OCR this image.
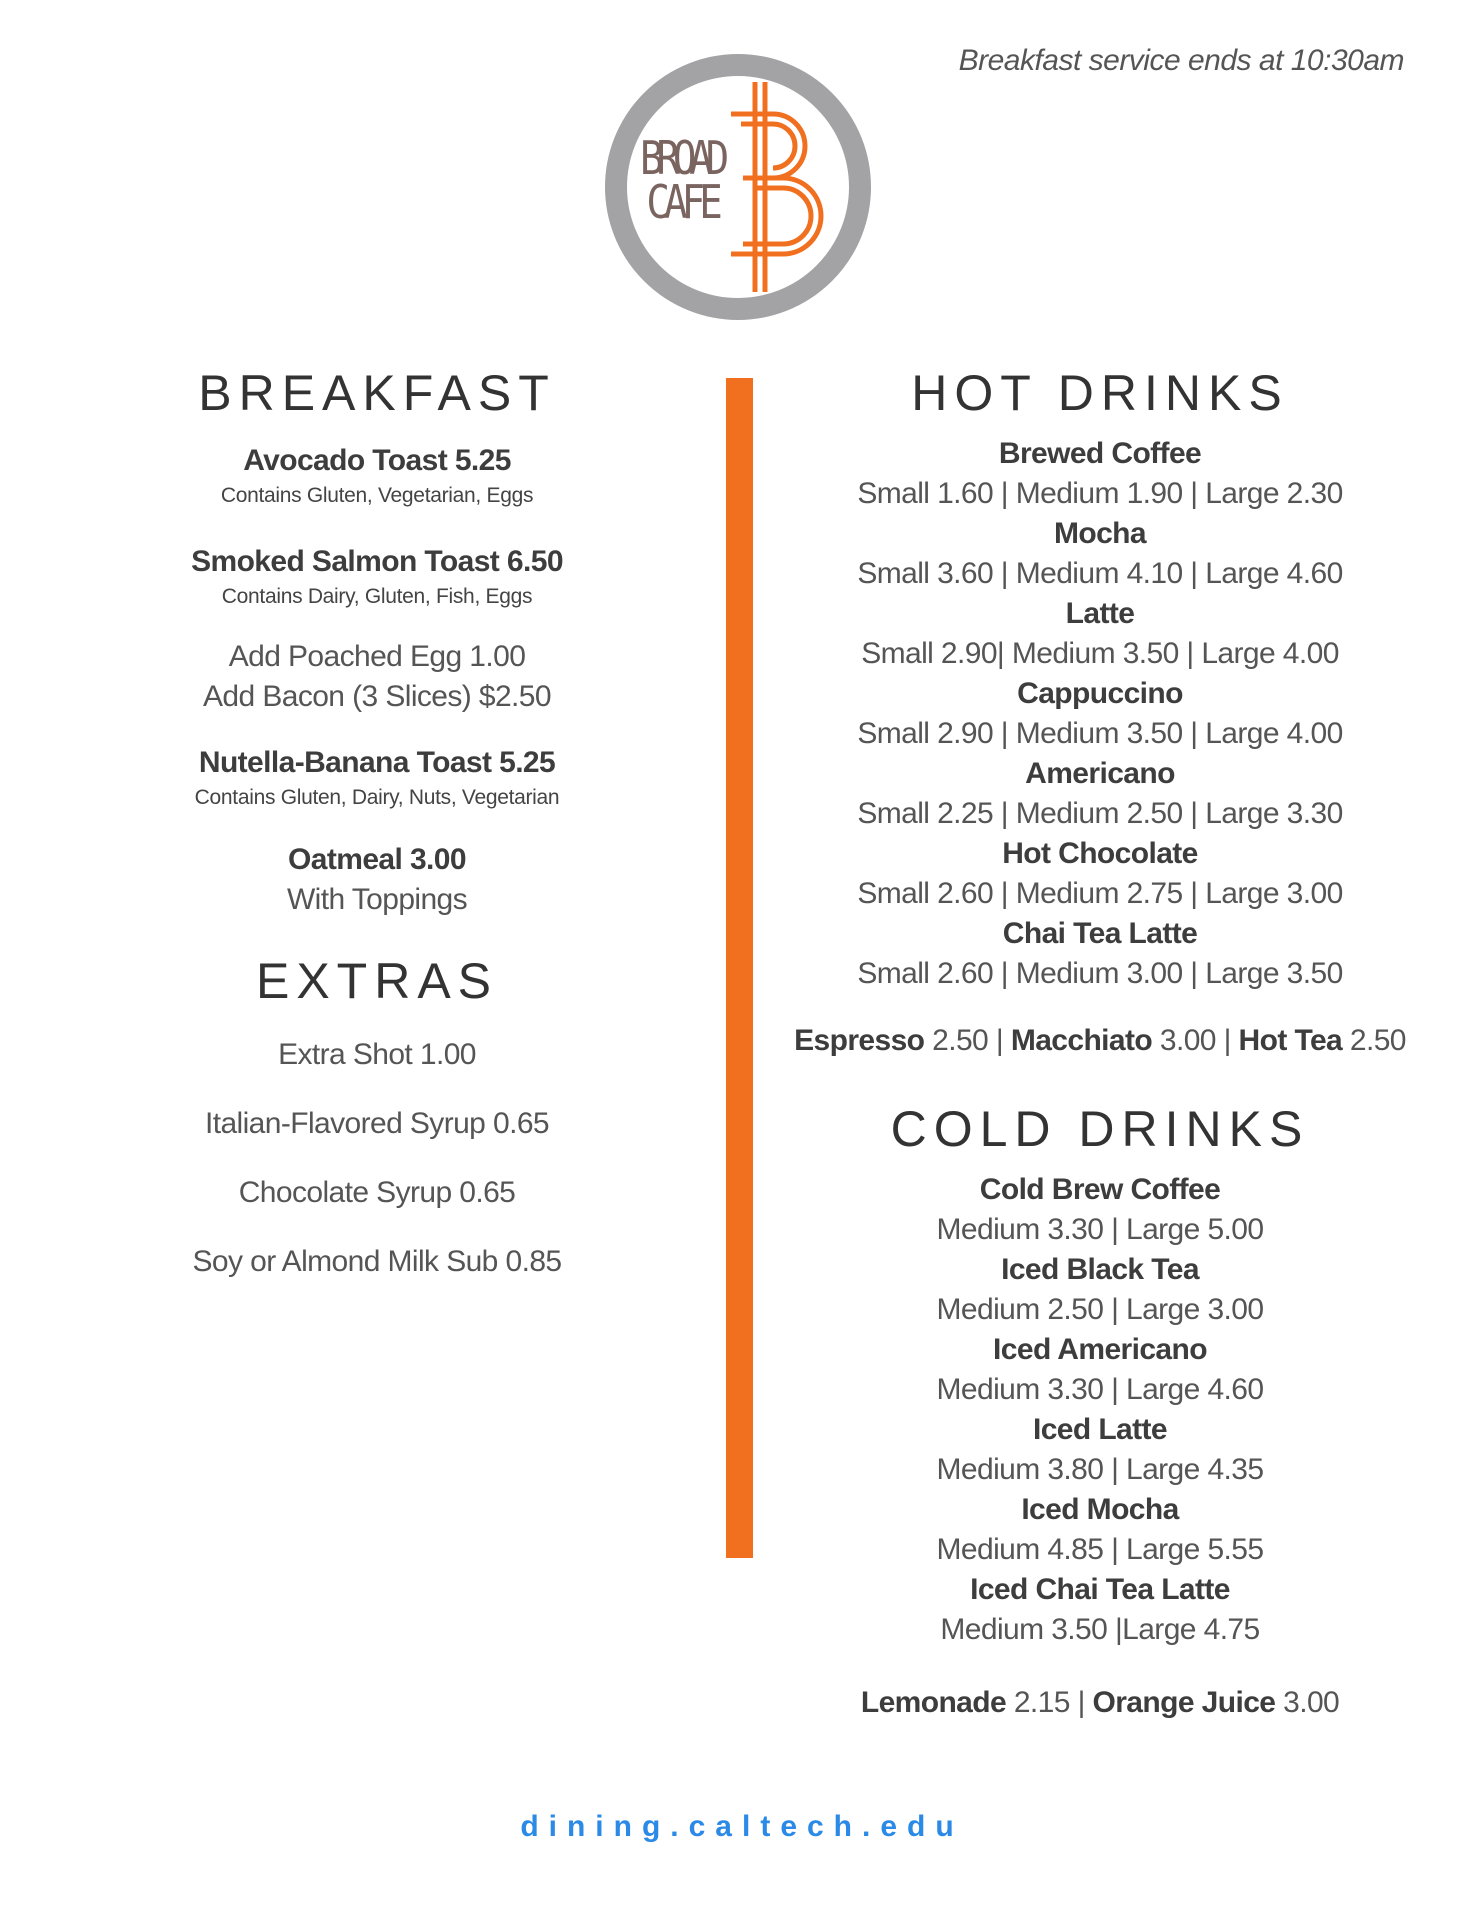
Breakfast service ends at 10:30am
BROAD
CAFE
BREAKFAST
Avocado Toast 5.25
Contains Gluten, Vegetarian, Eggs
Smoked Salmon Toast 6.50
Contains Dairy, Gluten, Fish, Eggs
Add Poached Egg 1.00
Add Bacon (3 Slices) $2.50
Nutella-Banana Toast 5.25
Contains Gluten, Dairy, Nuts, Vegetarian
Oatmeal 3.00
With Toppings
EXTRAS
Extra Shot 1.00
Italian-Flavored Syrup 0.65
Chocolate Syrup 0.65
Soy or Almond Milk Sub 0.85
HOT DRINKS
Brewed Coffee
Small 1.60 | Medium 1.90 | Large 2.30
Mocha
Small 3.60 | Medium 4.10 | Large 4.60
Latte
Small 2.90| Medium 3.50 | Large 4.00
Cappuccino
Small 2.90 | Medium 3.50 | Large 4.00
Americano
Small 2.25 | Medium 2.50 | Large 3.30
Hot Chocolate
Small 2.60 | Medium 2.75 | Large 3.00
Chai Tea Latte
Small 2.60 | Medium 3.00 | Large 3.50
Espresso 2.50 | Macchiato 3.00 | Hot Tea 2.50
COLD DRINKS
Cold Brew Coffee
Medium 3.30 | Large 5.00
Iced Black Tea
Medium 2.50 | Large 3.00
Iced Americano
Medium 3.30 | Large 4.60
Iced Latte
Medium 3.80 | Large 4.35
Iced Mocha
Medium 4.85 | Large 5.55
Iced Chai Tea Latte
Medium 3.50 |Large 4.75
Lemonade 2.15 | Orange Juice 3.00
dining.caltech.edu
